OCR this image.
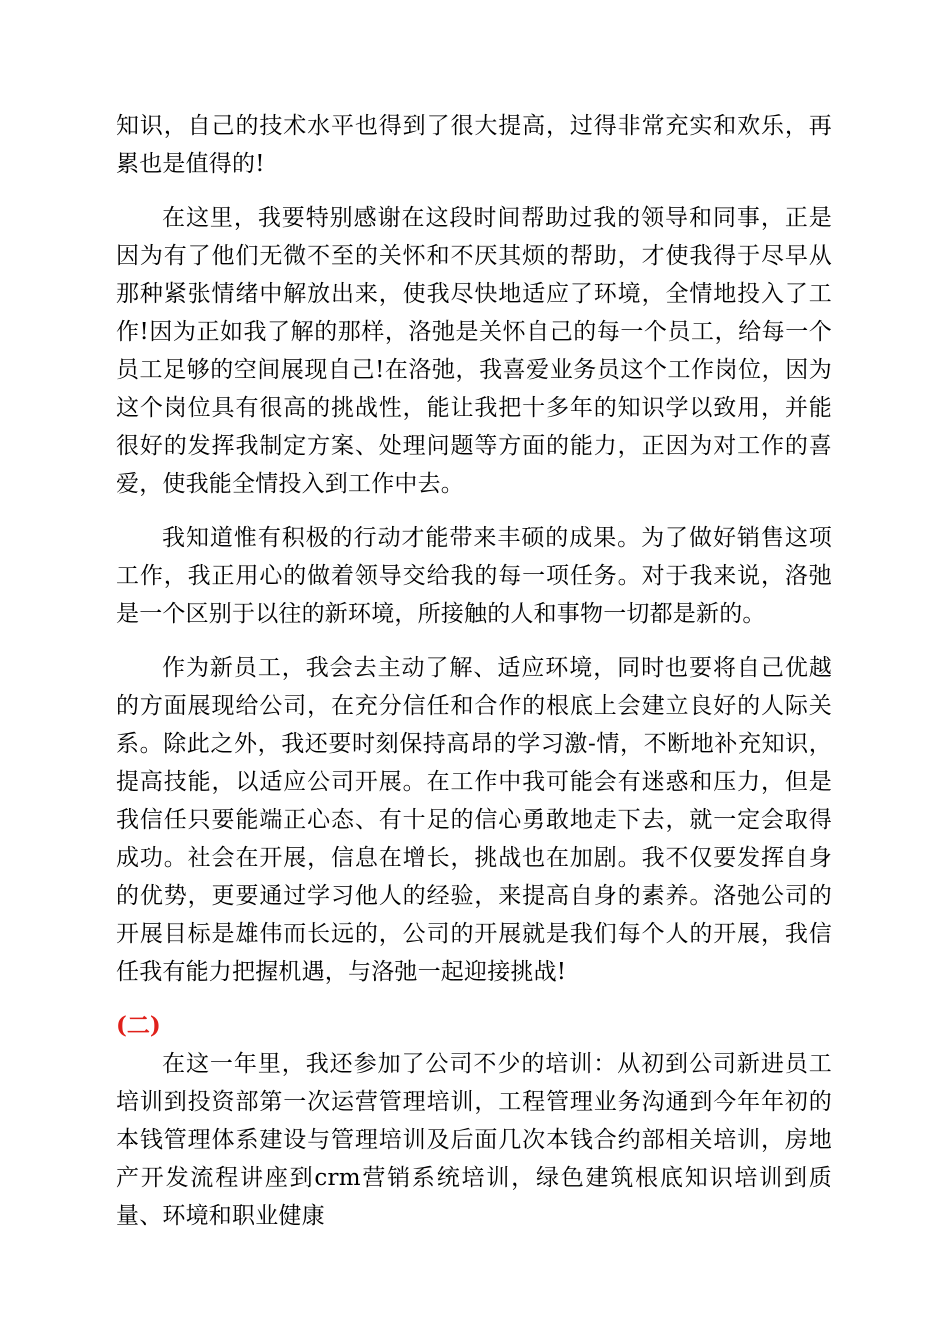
知识，自己的技术水平也得到了很大提高，过得非常充实和欢乐，再累也是值得的!

在这里，我要特别感谢在这段时间帮助过我的领导和同事，正是因为有了他们无微不至的关怀和不厌其烦的帮助，才使我得于尽早从那种紧张情绪中解放出来，使我尽快地适应了环境，全情地投入了工作!因为正如我了解的那样，洛弛是关怀自己的每一个员工，给每一个员工足够的空间展现自己!在洛弛，我喜爱业务员这个工作岗位，因为这个岗位具有很高的挑战性，能让我把十多年的知识学以致用，并能很好的发挥我制定方案、处理问题等方面的能力，正因为对工作的喜爱，使我能全情投入到工作中去。

我知道惟有积极的行动才能带来丰硕的成果。为了做好销售这项工作，我正用心的做着领导交给我的每一项任务。对于我来说，洛弛是一个区别于以往的新环境，所接触的人和事物一切都是新的。

作为新员工，我会去主动了解、适应环境，同时也要将自己优越的方面展现给公司，在充分信任和合作的根底上会建立良好的人际关系。除此之外，我还要时刻保持高昂的学习激-情，不断地补充知识，提高技能，以适应公司开展。在工作中我可能会有迷惑和压力，但是我信任只要能端正心态、有十足的信心勇敢地走下去，就一定会取得成功。社会在开展，信息在增长，挑战也在加剧。我不仅要发挥自身的优势，更要通过学习他人的经验，来提高自身的素养。洛弛公司的开展目标是雄伟而长远的，公司的开展就是我们每个人的开展，我信任我有能力把握机遇，与洛弛一起迎接挑战!

(二)

在这一年里，我还参加了公司不少的培训：从初到公司新进员工培训到投资部第一次运营管理培训，工程管理业务沟通到今年年初的本钱管理体系建设与管理培训及后面几次本钱合约部相关培训，房地产开发流程讲座到crm营销系统培训，绿色建筑根底知识培训到质量、环境和职业健康
